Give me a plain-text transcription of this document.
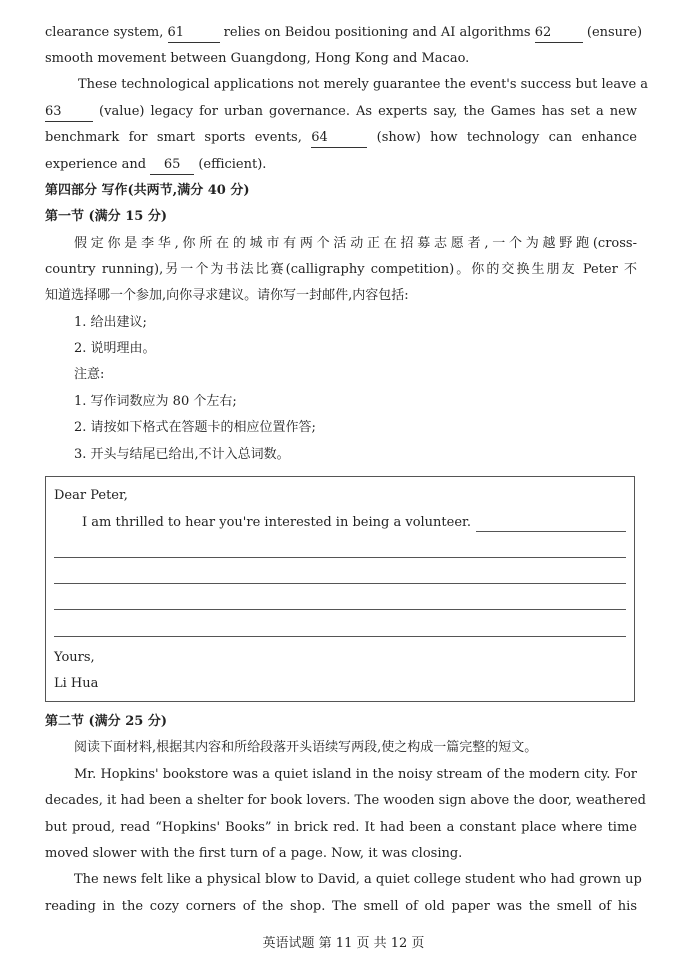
clearance system, 61	relies on Beidou positioning and AI algorithms 62	(ensure)
smooth movement between Guangdong, Hong Kong and Macao.
These technological applications not merely guarantee the event's success but leave a
63	(value) legacy for urban governance. As experts say, the Games has set a new
benchmark for smart sports events, 64	(show) how technology can enhance
experience and 65 (efficient).
第四部分 写作(共两节,满分 40 分)
第一节 (满分 15 分)
假定你是李华,你所在的城市有两个活动正在招募志愿者,一个为越野跑(cross-
country running),另一个为书法比赛(calligraphy competition)。你的交换生朋友 Peter 不
知道选择哪一个参加,向你寻求建议。请你写一封邮件,内容包括:
1. 给出建议;
2. 说明理由。
注意:
1. 写作词数应为 80 个左右;
2. 请按如下格式在答题卡的相应位置作答;
3. 开头与结尾已给出,不计入总词数。
Dear Peter,
I am thrilled to hear you're interested in being a volunteer.
Yours,
Li Hua
第二节 (满分 25 分)
阅读下面材料,根据其内容和所给段落开头语续写两段,使之构成一篇完整的短文。
Mr. Hopkins' bookstore was a quiet island in the noisy stream of the modern city. For
decades, it had been a shelter for book lovers. The wooden sign above the door, weathered
but proud, read “Hopkins' Books” in brick red. It had been a constant place where time
moved slower with the first turn of a page. Now, it was closing.
The news felt like a physical blow to David, a quiet college student who had grown up
reading in the cozy corners of the shop. The smell of old paper was the smell of his
英语试题 第 11 页 共 12 页
